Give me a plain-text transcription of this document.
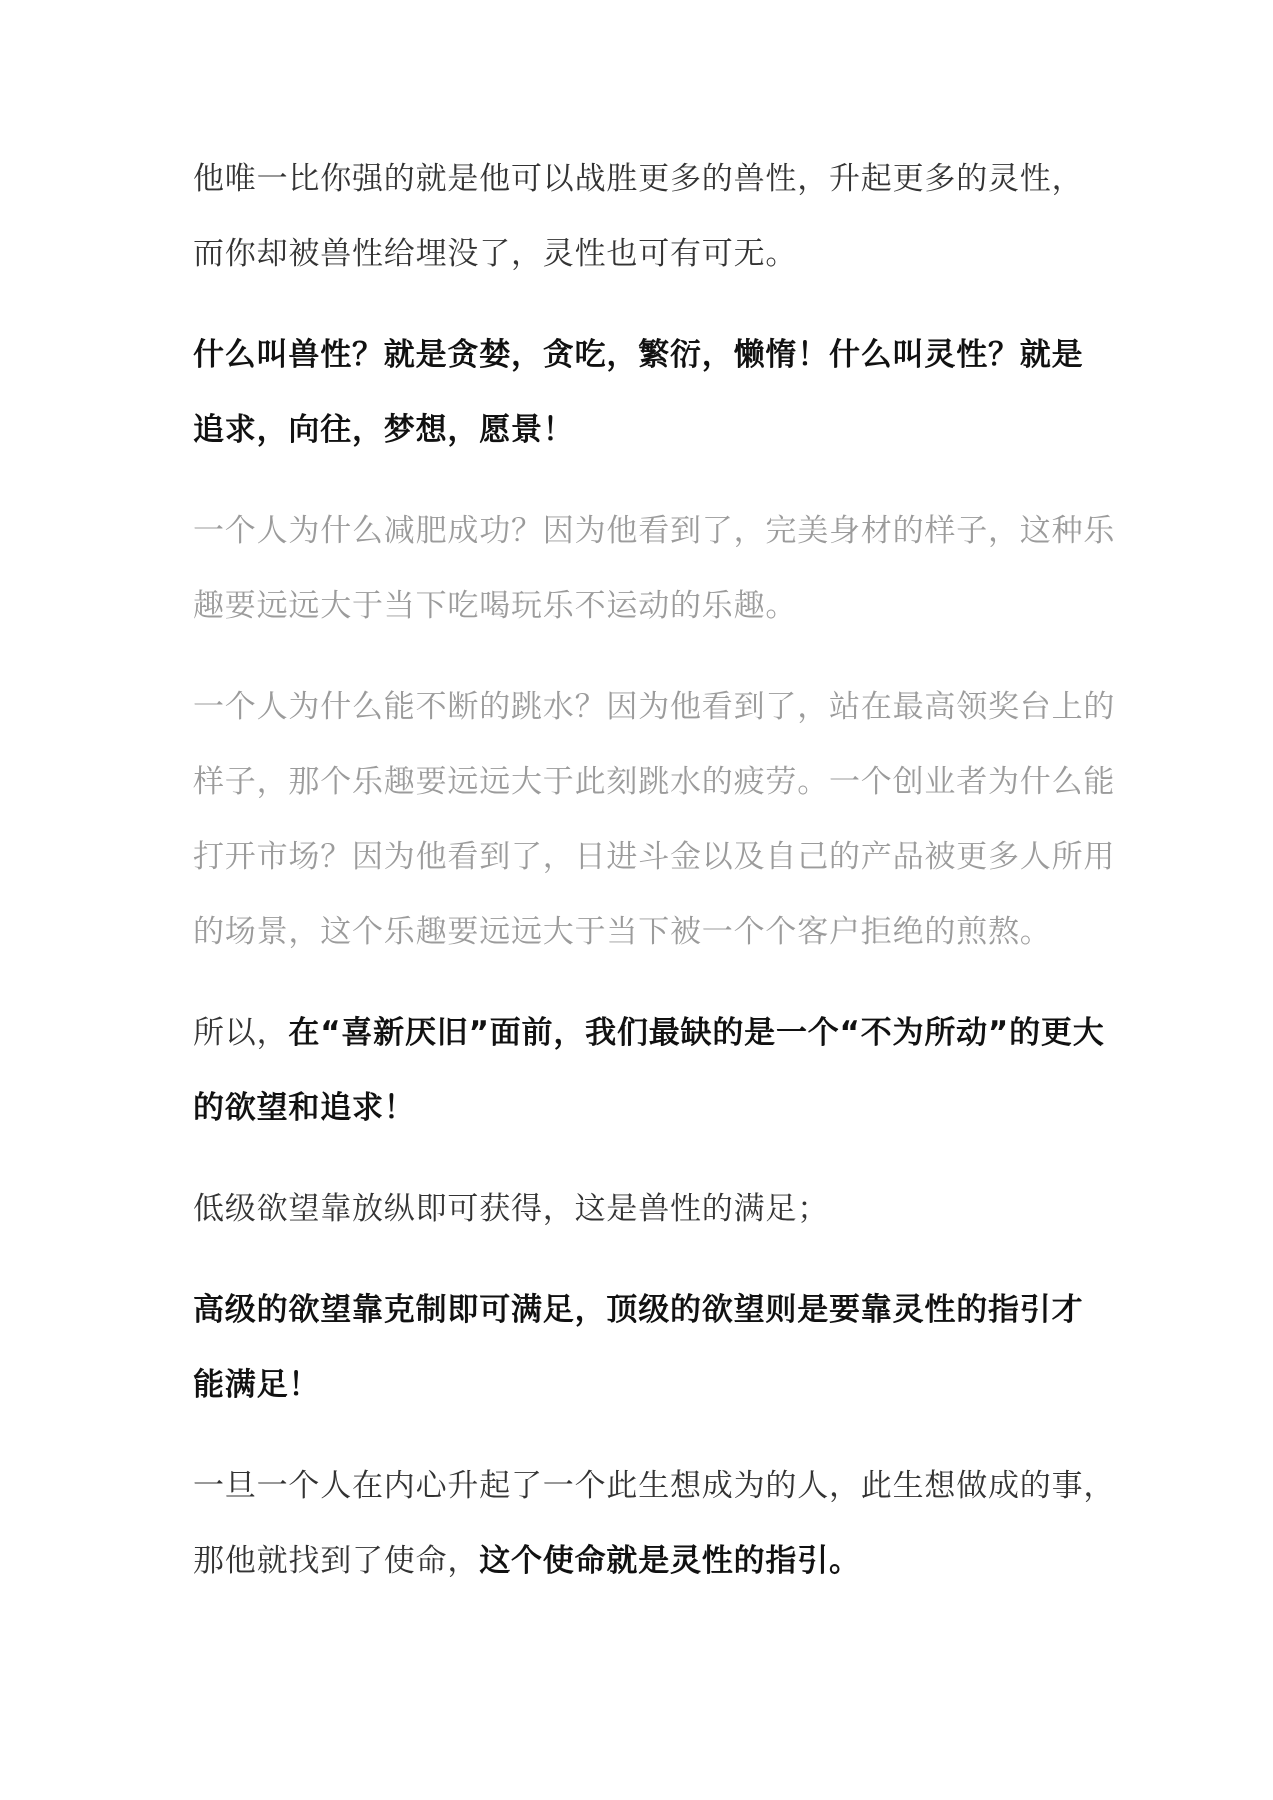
他唯一比你强的就是他可以战胜更多的兽性，升起更多的灵性，
而你却被兽性给埋没了，灵性也可有可无。
什么叫兽性？就是贪婪，贪吃，繁衍，懒惰！什么叫灵性？就是
追求，向往，梦想，愿景！
一个人为什么减肥成功？因为他看到了，完美身材的样子，这种乐
趣要远远大于当下吃喝玩乐不运动的乐趣。
一个人为什么能不断的跳水？因为他看到了，站在最高领奖台上的
样子，那个乐趣要远远大于此刻跳水的疲劳。一个创业者为什么能
打开市场？因为他看到了，日进斗金以及自己的产品被更多人所用
的场景，这个乐趣要远远大于当下被一个个客户拒绝的煎熬。
所以，在“喜新厌旧”面前，我们最缺的是一个“不为所动”的更大
的欲望和追求！
低级欲望靠放纵即可获得，这是兽性的满足；
高级的欲望靠克制即可满足，顶级的欲望则是要靠灵性的指引才
能满足！
一旦一个人在内心升起了一个此生想成为的人，此生想做成的事，
那他就找到了使命，这个使命就是灵性的指引。
